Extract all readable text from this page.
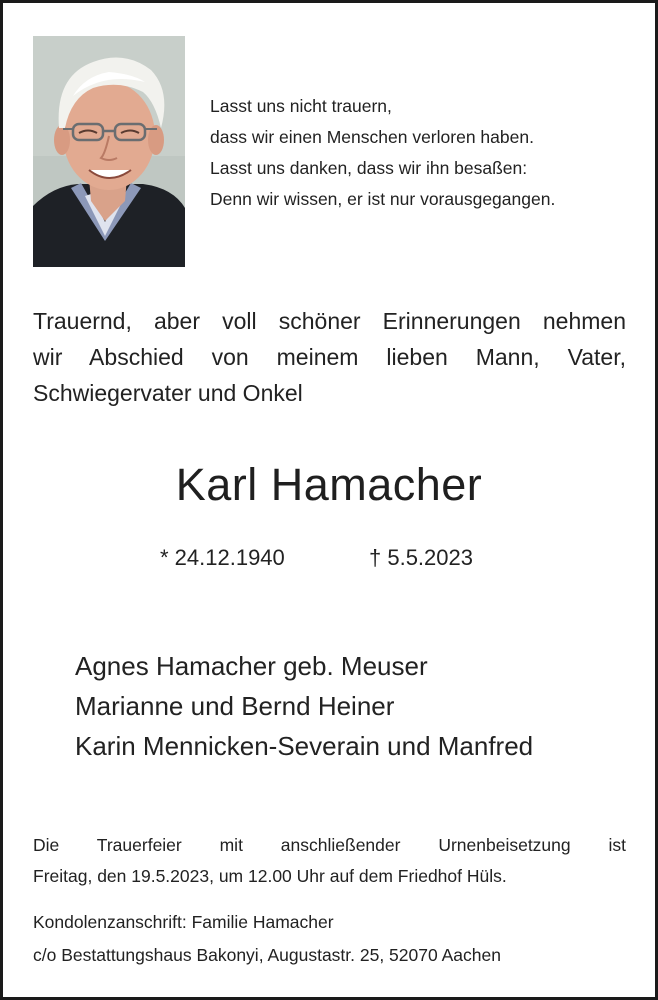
Lasst uns nicht trauern,
dass wir einen Menschen verloren haben.
Lasst uns danken, dass wir ihn besaßen:
Denn wir wissen, er ist nur vorausgegangen.
Trauernd, aber voll schöner Erinnerungen nehmen
wir Abschied von meinem lieben Mann, Vater,
Schwiegervater und Onkel
Karl Hamacher
* 24.12.1940	† 5.5.2023
Agnes Hamacher geb. Meuser
Marianne und Bernd Heiner
Karin Mennicken-Severain und Manfred
Die Trauerfeier mit anschließender Urnenbeisetzung ist
Freitag, den 19.5.2023, um 12.00 Uhr auf dem Friedhof Hüls.
Kondolenzanschrift: Familie Hamacher
c/o Bestattungshaus Bakonyi, Augustastr. 25, 52070 Aachen
